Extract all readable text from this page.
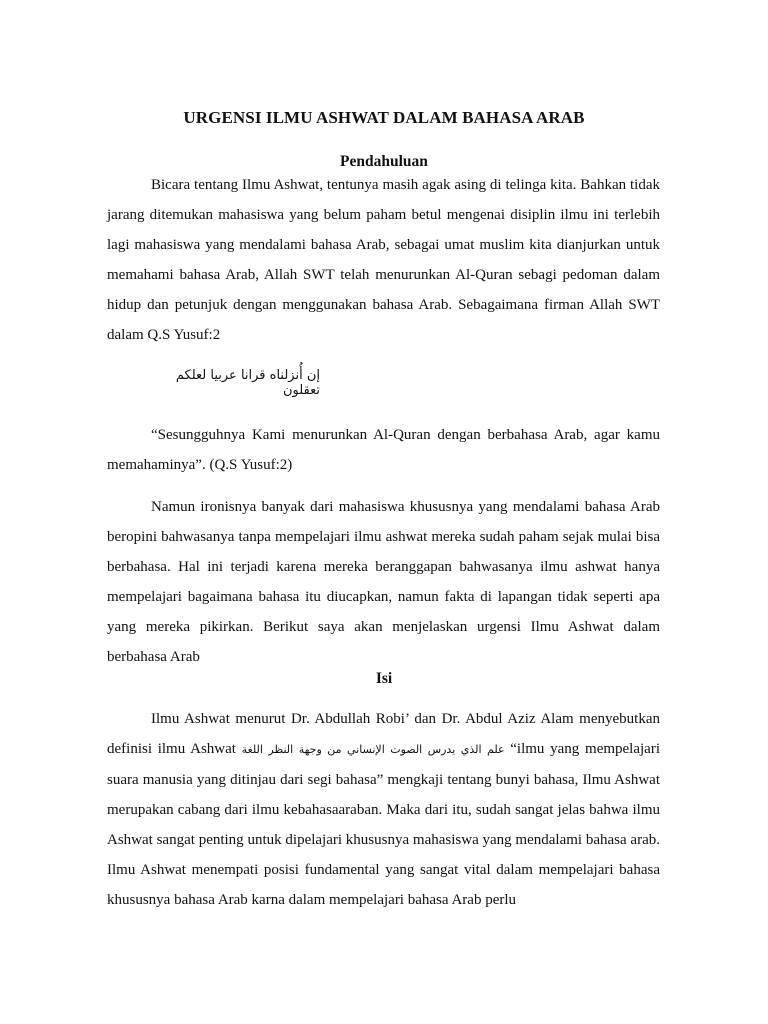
URGENSI ILMU ASHWAT DALAM BAHASA ARAB
Pendahuluan

Bicara tentang Ilmu Ashwat, tentunya masih agak asing di telinga kita. Bahkan tidak jarang ditemukan mahasiswa yang belum paham betul mengenai disiplin ilmu ini terlebih lagi mahasiswa yang mendalami bahasa Arab, sebagai umat muslim kita dianjurkan untuk memahami bahasa Arab, Allah SWT telah menurunkan Al-Quran sebagi pedoman dalam hidup dan petunjuk dengan menggunakan bahasa Arab. Sebagaimana firman Allah SWT dalam Q.S Yusuf:2

إن أُنزلناه قرانا عربيا لعلكم تعقلون

“Sesungguhnya Kami menurunkan Al-Quran dengan berbahasa Arab, agar kamu memahaminya”. (Q.S Yusuf:2)

Namun ironisnya banyak dari mahasiswa khususnya yang mendalami bahasa Arab beropini bahwasanya tanpa mempelajari ilmu ashwat mereka sudah paham sejak mulai bisa berbahasa. Hal ini terjadi karena mereka beranggapan bahwasanya ilmu ashwat hanya mempelajari bagaimana bahasa itu diucapkan, namun fakta di lapangan tidak seperti apa yang mereka pikirkan. Berikut saya akan menjelaskan urgensi Ilmu Ashwat dalam berbahasa Arab

Isi

Ilmu Ashwat menurut Dr. Abdullah Robi’ dan Dr. Abdul Aziz Alam menyebutkan definisi ilmu Ashwat علم الذي يدرس الصوت الإنساني من وجهة النظر اللغة “ilmu yang mempelajari suara manusia yang ditinjau dari segi bahasa” mengkaji tentang bunyi bahasa, Ilmu Ashwat merupakan cabang dari ilmu kebahasaaraban. Maka dari itu, sudah sangat jelas bahwa ilmu Ashwat sangat penting untuk dipelajari khususnya mahasiswa yang mendalami bahasa arab. Ilmu Ashwat menempati posisi fundamental yang sangat vital dalam mempelajari bahasa khususnya bahasa Arab karna dalam mempelajari bahasa Arab perlu
